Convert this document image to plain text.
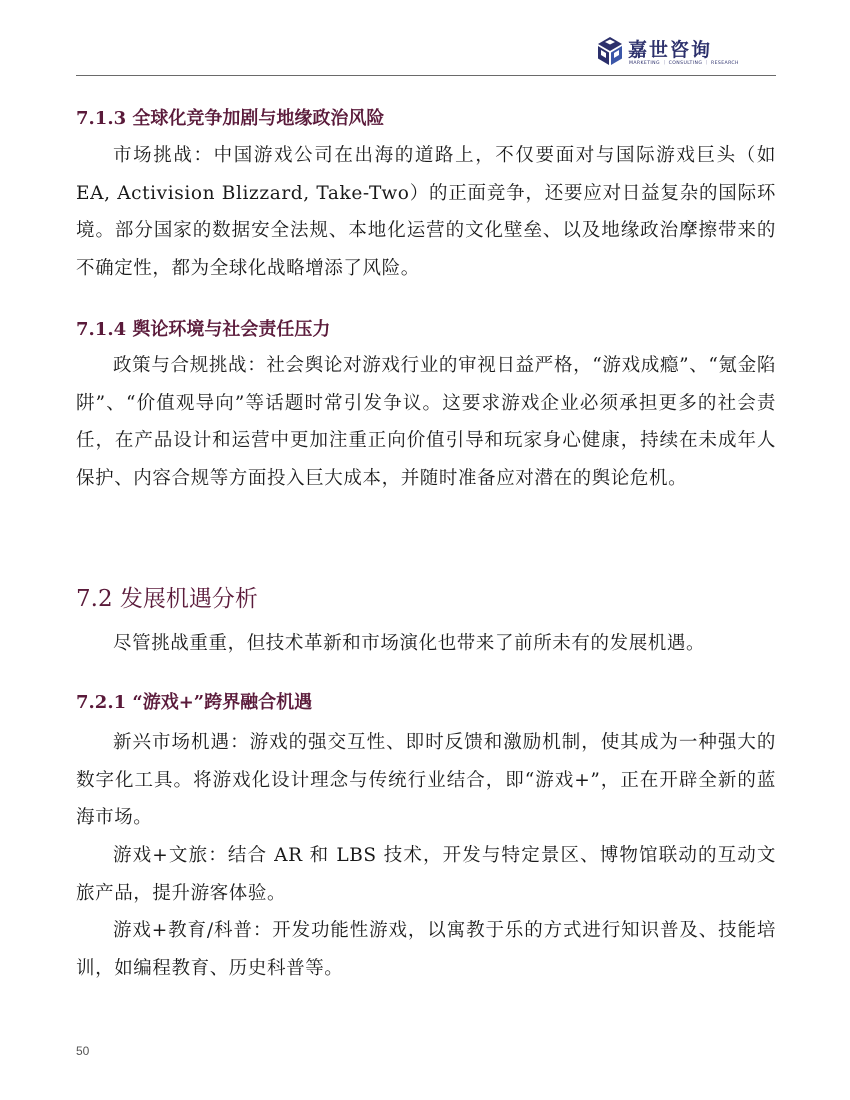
嘉世咨询
MARKETING ｜ CONSULTING ｜ RESEARCH
7.1.3 全球化竞争加剧与地缘政治风险

市场挑战：中国游戏公司在出海的道路上，不仅要面对与国际游戏巨头（如 EA, Activision Blizzard, Take-Two）的正面竞争，还要应对日益复杂的国际环境。部分国家的数据安全法规、本地化运营的文化壁垒、以及地缘政治摩擦带来的不确定性，都为全球化战略增添了风险。

7.1.4 舆论环境与社会责任压力

政策与合规挑战：社会舆论对游戏行业的审视日益严格，“游戏成瘾”、“氪金陷阱”、“价值观导向”等话题时常引发争议。这要求游戏企业必须承担更多的社会责任，在产品设计和运营中更加注重正向价值引导和玩家身心健康，持续在未成年人保护、内容合规等方面投入巨大成本，并随时准备应对潜在的舆论危机。

7.2 发展机遇分析

尽管挑战重重，但技术革新和市场演化也带来了前所未有的发展机遇。

7.2.1 “游戏+”跨界融合机遇

新兴市场机遇：游戏的强交互性、即时反馈和激励机制，使其成为一种强大的数字化工具。将游戏化设计理念与传统行业结合，即“游戏+”，正在开辟全新的蓝海市场。

游戏+文旅：结合 AR 和 LBS 技术，开发与特定景区、博物馆联动的互动文旅产品，提升游客体验。

游戏+教育/科普：开发功能性游戏，以寓教于乐的方式进行知识普及、技能培训，如编程教育、历史科普等。

50
